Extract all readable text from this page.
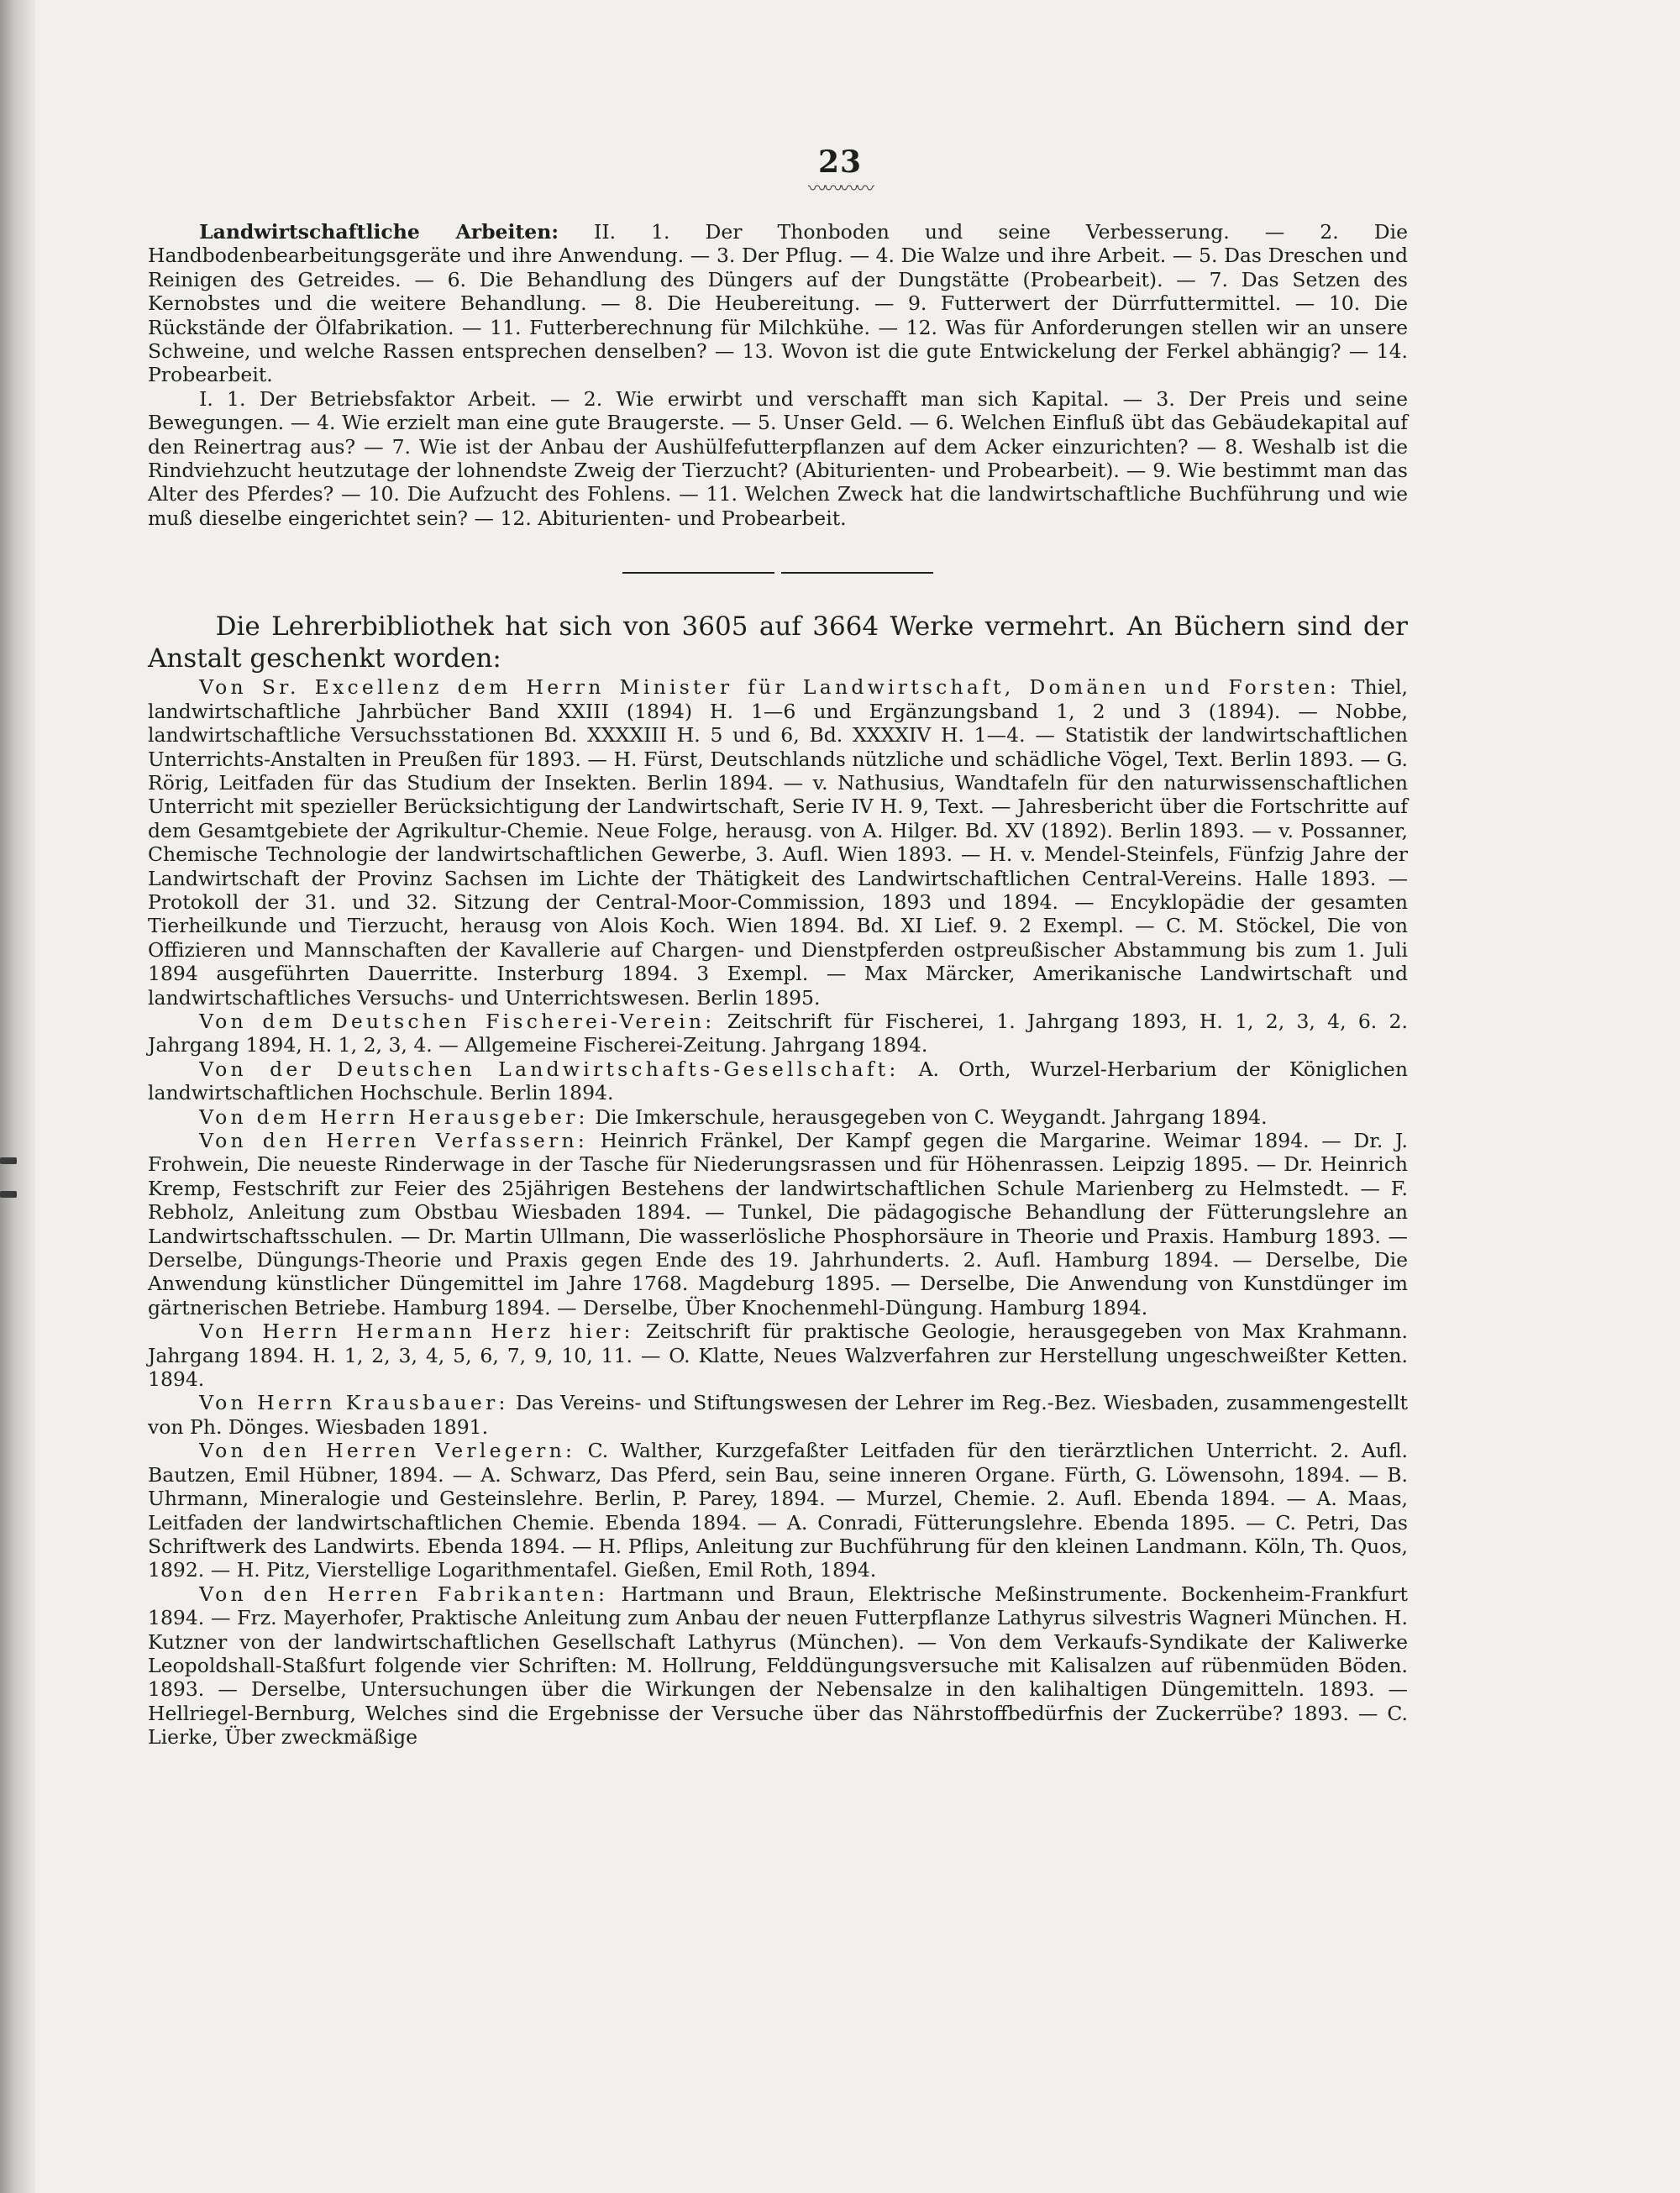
23
〰〰〰〰

Landwirtschaftliche Arbeiten: II. 1. Der Thonboden und seine Verbesserung. — 2. Die Handbodenbearbeitungsgeräte und ihre Anwendung. — 3. Der Pflug. — 4. Die Walze und ihre Arbeit. — 5. Das Dreschen und Reinigen des Getreides. — 6. Die Behandlung des Düngers auf der Dungstätte (Probearbeit). — 7. Das Setzen des Kernobstes und die weitere Behandlung. — 8. Die Heubereitung. — 9. Futterwert der Dürrfuttermittel. — 10. Die Rückstände der Ölfabrikation. — 11. Futterberechnung für Milchkühe. — 12. Was für Anforderungen stellen wir an unsere Schweine, und welche Rassen entsprechen denselben? — 13. Wovon ist die gute Entwickelung der Ferkel abhängig? — 14. Probearbeit.

I. 1. Der Betriebsfaktor Arbeit. — 2. Wie erwirbt und verschafft man sich Kapital. — 3. Der Preis und seine Bewegungen. — 4. Wie erzielt man eine gute Braugerste. — 5. Unser Geld. — 6. Welchen Einfluß übt das Gebäudekapital auf den Reinertrag aus? — 7. Wie ist der Anbau der Aushülfefutterpflanzen auf dem Acker einzurichten? — 8. Weshalb ist die Rindviehzucht heutzutage der lohnendste Zweig der Tierzucht? (Abiturienten- und Probearbeit). — 9. Wie bestimmt man das Alter des Pferdes? — 10. Die Aufzucht des Fohlens. — 11. Welchen Zweck hat die landwirtschaftliche Buchführung und wie muß dieselbe eingerichtet sein? — 12. Abiturienten- und Probearbeit.

Die Lehrerbibliothek hat sich von 3605 auf 3664 Werke vermehrt. An Büchern sind der Anstalt geschenkt worden:

Von Sr. Excellenz dem Herrn Minister für Landwirtschaft, Domänen und Forsten: Thiel, landwirtschaftliche Jahrbücher Band XXIII (1894) H. 1—6 und Ergänzungsband 1, 2 und 3 (1894). — Nobbe, landwirtschaftliche Versuchsstationen Bd. XXXXIII H. 5 und 6, Bd. XXXXIV H. 1—4. — Statistik der landwirtschaftlichen Unterrichts-Anstalten in Preußen für 1893. — H. Fürst, Deutschlands nützliche und schädliche Vögel, Text. Berlin 1893. — G. Rörig, Leitfaden für das Studium der Insekten. Berlin 1894. — v. Nathusius, Wandtafeln für den naturwissenschaftlichen Unterricht mit spezieller Berücksichtigung der Landwirtschaft, Serie IV H. 9, Text. — Jahresbericht über die Fortschritte auf dem Gesamtgebiete der Agrikultur-Chemie. Neue Folge, herausg. von A. Hilger. Bd. XV (1892). Berlin 1893. — v. Possanner, Chemische Technologie der landwirtschaftlichen Gewerbe, 3. Aufl. Wien 1893. — H. v. Mendel-Steinfels, Fünfzig Jahre der Landwirtschaft der Provinz Sachsen im Lichte der Thätigkeit des Landwirtschaftlichen Central-Vereins. Halle 1893. — Protokoll der 31. und 32. Sitzung der Central-Moor-Commission, 1893 und 1894. — Encyklopädie der gesamten Tierheilkunde und Tierzucht, herausg von Alois Koch. Wien 1894. Bd. XI Lief. 9. 2 Exempl. — C. M. Stöckel, Die von Offizieren und Mannschaften der Kavallerie auf Chargen- und Dienstpferden ostpreußischer Abstammung bis zum 1. Juli 1894 ausgeführten Dauerritte. Insterburg 1894. 3 Exempl. — Max Märcker, Amerikanische Landwirtschaft und landwirtschaftliches Versuchs- und Unterrichtswesen. Berlin 1895.

Von dem Deutschen Fischerei-Verein: Zeitschrift für Fischerei, 1. Jahrgang 1893, H. 1, 2, 3, 4, 6. 2. Jahrgang 1894, H. 1, 2, 3, 4. — Allgemeine Fischerei-Zeitung. Jahrgang 1894.

Von der Deutschen Landwirtschafts-Gesellschaft: A. Orth, Wurzel-Herbarium der Königlichen landwirtschaftlichen Hochschule. Berlin 1894.

Von dem Herrn Herausgeber: Die Imkerschule, herausgegeben von C. Weygandt. Jahrgang 1894.

Von den Herren Verfassern: Heinrich Fränkel, Der Kampf gegen die Margarine. Weimar 1894. — Dr. J. Frohwein, Die neueste Rinderwage in der Tasche für Niederungsrassen und für Höhenrassen. Leipzig 1895. — Dr. Heinrich Kremp, Festschrift zur Feier des 25jährigen Bestehens der landwirtschaftlichen Schule Marienberg zu Helmstedt. — F. Rebholz, Anleitung zum Obstbau Wiesbaden 1894. — Tunkel, Die pädagogische Behandlung der Fütterungslehre an Landwirtschaftsschulen. — Dr. Martin Ullmann, Die wasserlösliche Phosphorsäure in Theorie und Praxis. Hamburg 1893. — Derselbe, Düngungs-Theorie und Praxis gegen Ende des 19. Jahrhunderts. 2. Aufl. Hamburg 1894. — Derselbe, Die Anwendung künstlicher Düngemittel im Jahre 1768. Magdeburg 1895. — Derselbe, Die Anwendung von Kunstdünger im gärtnerischen Betriebe. Hamburg 1894. — Derselbe, Über Knochenmehl-Düngung. Hamburg 1894.

Von Herrn Hermann Herz hier: Zeitschrift für praktische Geologie, herausgegeben von Max Krahmann. Jahrgang 1894. H. 1, 2, 3, 4, 5, 6, 7, 9, 10, 11. — O. Klatte, Neues Walzverfahren zur Herstellung ungeschweißter Ketten. 1894.

Von Herrn Krausbauer: Das Vereins- und Stiftungswesen der Lehrer im Reg.-Bez. Wiesbaden, zusammengestellt von Ph. Dönges. Wiesbaden 1891.

Von den Herren Verlegern: C. Walther, Kurzgefaßter Leitfaden für den tierärztlichen Unterricht. 2. Aufl. Bautzen, Emil Hübner, 1894. — A. Schwarz, Das Pferd, sein Bau, seine inneren Organe. Fürth, G. Löwensohn, 1894. — B. Uhrmann, Mineralogie und Gesteinslehre. Berlin, P. Parey, 1894. — Murzel, Chemie. 2. Aufl. Ebenda 1894. — A. Maas, Leitfaden der landwirtschaftlichen Chemie. Ebenda 1894. — A. Conradi, Fütterungslehre. Ebenda 1895. — C. Petri, Das Schriftwerk des Landwirts. Ebenda 1894. — H. Pflips, Anleitung zur Buchführung für den kleinen Landmann. Köln, Th. Quos, 1892. — H. Pitz, Vierstellige Logarithmentafel. Gießen, Emil Roth, 1894.

Von den Herren Fabrikanten: Hartmann und Braun, Elektrische Meßinstrumente. Bockenheim-Frankfurt 1894. — Frz. Mayerhofer, Praktische Anleitung zum Anbau der neuen Futterpflanze Lathyrus silvestris Wagneri München. H. Kutzner von der landwirtschaftlichen Gesellschaft Lathyrus (München). — Von dem Verkaufs-Syndikate der Kaliwerke Leopoldshall-Staßfurt folgende vier Schriften: M. Hollrung, Felddüngungsversuche mit Kalisalzen auf rübenmüden Böden. 1893. — Derselbe, Untersuchungen über die Wirkungen der Nebensalze in den kalihaltigen Düngemitteln. 1893. — Hellriegel-Bernburg, Welches sind die Ergebnisse der Versuche über das Nährstoffbedürfnis der Zuckerrübe? 1893. — C. Lierke, Über zweckmäßige
